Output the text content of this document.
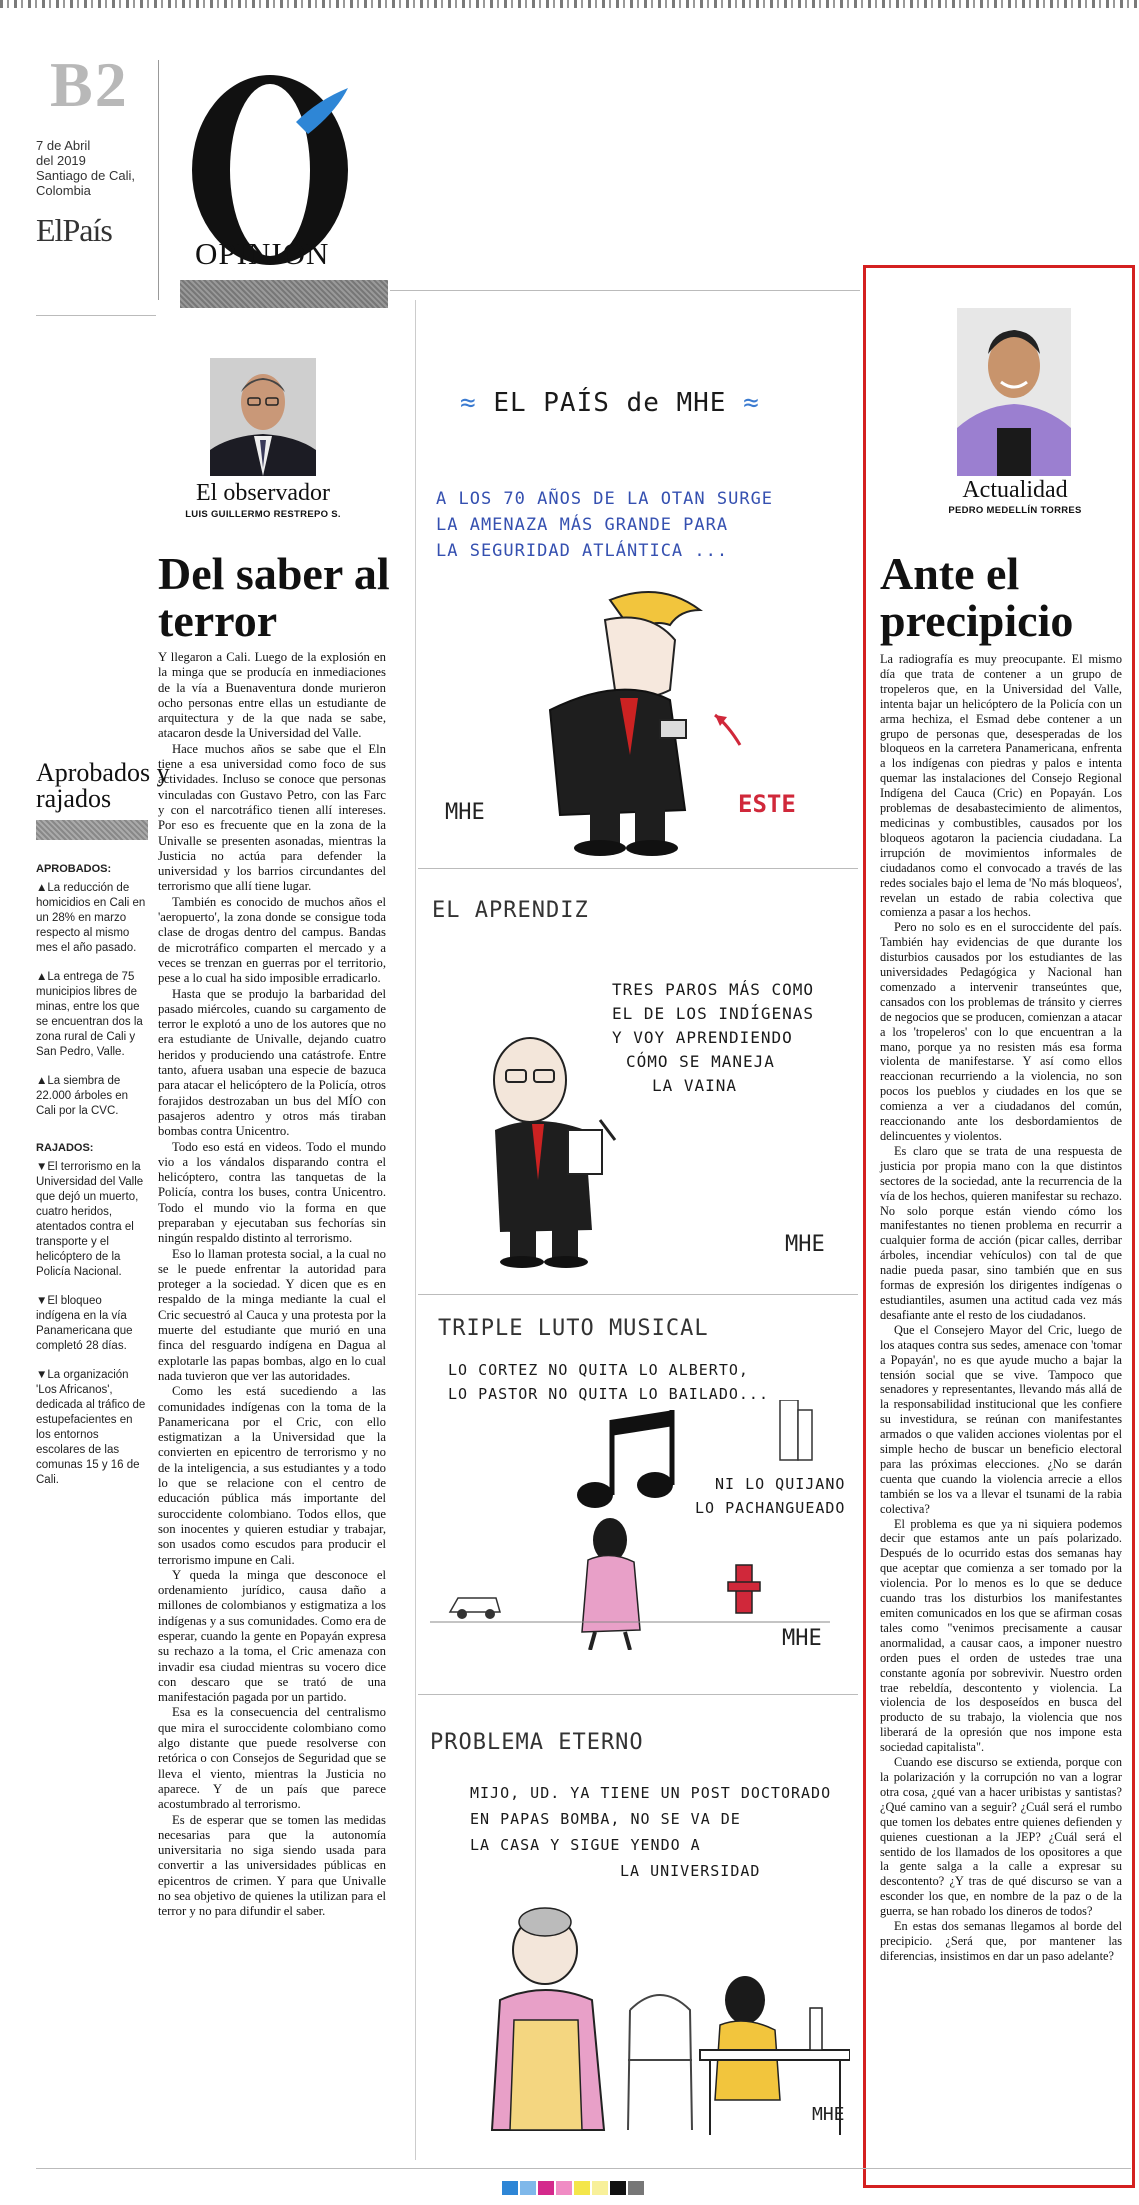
B2
7 de Abril
del 2019
Santiago de Cali,
Colombia
ElPaís
OPINIÓN
Aprobados y rajados

APROBADOS:

▲La reducción de homicidios en Cali en un 28% en marzo respecto al mismo mes el año pasado.

▲La entrega de 75 municipios libres de minas, entre los que se encuentran dos la zona rural de Cali y San Pedro, Valle.

▲La siembra de 22.000 árboles en Cali por la CVC.

RAJADOS:

▼El terrorismo en la Universidad del Valle que dejó un muerto, cuatro heridos, atentados contra el transporte y el helicóptero de la Policía Nacional.

▼El bloqueo indígena en la vía Panamericana que completó 28 días.

▼La organización 'Los Africanos', dedicada al tráfico de estupefacientes en los entornos escolares de las comunas 15 y 16 de Cali.

El observador
LUIS GUILLERMO RESTREPO S.
Del saber al terror

Y llegaron a Cali. Luego de la explosión en la minga que se producía en inmediaciones de la vía a Buenaventura donde murieron ocho personas entre ellas un estudiante de arquitectura y de la que nada se sabe, atacaron desde la Universidad del Valle.

Hace muchos años se sabe que el Eln tiene a esa universidad como foco de sus actividades. Incluso se conoce que personas vinculadas con Gustavo Petro, con las Farc y con el narcotráfico tienen allí intereses. Por eso es frecuente que en la zona de la Univalle se presenten asonadas, mientras la Justicia no actúa para defender la universidad y los barrios circundantes del terrorismo que allí tiene lugar.

También es conocido de muchos años el 'aeropuerto', la zona donde se consigue toda clase de drogas dentro del campus. Bandas de microtráfico comparten el mercado y a veces se trenzan en guerras por el territorio, pese a lo cual ha sido imposible erradicarlo.

Hasta que se produjo la barbaridad del pasado miércoles, cuando su cargamento de terror le explotó a uno de los autores que no era estudiante de Univalle, dejando cuatro heridos y produciendo una catástrofe. Entre tanto, afuera usaban una especie de bazuca para atacar el helicóptero de la Policía, otros forajidos destrozaban un bus del MÍO con pasajeros adentro y otros más tiraban bombas contra Unicentro.

Todo eso está en videos. Todo el mundo vio a los vándalos disparando contra el helicóptero, contra las tanquetas de la Policía, contra los buses, contra Unicentro. Todo el mundo vio la forma en que preparaban y ejecutaban sus fechorías sin ningún respaldo distinto al terrorismo.

Eso lo llaman protesta social, a la cual no se le puede enfrentar la autoridad para proteger a la sociedad. Y dicen que es en respaldo de la minga mediante la cual el Cric secuestró al Cauca y una protesta por la muerte del estudiante que murió en una finca del resguardo indígena en Dagua al explotarle las papas bombas, algo en lo cual nada tuvieron que ver las autoridades.

Como les está sucediendo a las comunidades indígenas con la toma de la Panamericana por el Cric, con ello estigmatizan a la Universidad que la convierten en epicentro de terrorismo y no de la inteligencia, a sus estudiantes y a todo lo que se relacione con el centro de educación pública más importante del suroccidente colombiano. Todos ellos, que son inocentes y quieren estudiar y trabajar, son usados como escudos para producir el terrorismo impune en Cali.

Y queda la minga que desconoce el ordenamiento jurídico, causa daño a millones de colombianos y estigmatiza a los indígenas y a sus comunidades. Como era de esperar, cuando la gente en Popayán expresa su rechazo a la toma, el Cric amenaza con invadir esa ciudad mientras su vocero dice con descaro que se trató de una manifestación pagada por un partido.

Esa es la consecuencia del centralismo que mira el suroccidente colombiano como algo distante que puede resolverse con retórica o con Consejos de Seguridad que se lleva el viento, mientras la Justicia no aparece. Y de un país que parece acostumbrado al terrorismo.

Es de esperar que se tomen las medidas necesarias para que la autonomía universitaria no siga siendo usada para convertir a las universidades públicas en epicentros de crimen. Y para que Univalle no sea objetivo de quienes la utilizan para el terror y no para difundir el saber.

≈ EL PAÍS de MHE ≈
A LOS 70 AÑOS DE LA OTAN SURGE
LA AMENAZA MÁS GRANDE PARA
LA SEGURIDAD ATLÁNTICA ...
MHE	ESTE
EL APRENDIZ
TRES PAROS MÁS COMO
EL DE LOS INDÍGENAS
Y VOY APRENDIENDO
CÓMO SE MANEJA
LA VAINA
MHE
TRIPLE LUTO MUSICAL
LO CORTEZ NO QUITA LO ALBERTO,
LO PASTOR NO QUITA LO BAILADO...
NI LO QUIJANO
LO PACHANGUEADO
MHE
PROBLEMA ETERNO
MIJO, UD. YA TIENE UN POST DOCTORADO
EN PAPAS BOMBA, NO SE VA DE
LA CASA Y SIGUE YENDO A
LA UNIVERSIDAD
MHE
Actualidad
PEDRO MEDELLÍN TORRES
Ante el precipicio

La radiografía es muy preocupante. El mismo día que trata de contener a un grupo de tropeleros que, en la Universidad del Valle, intenta bajar un helicóptero de la Policía con un arma hechiza, el Esmad debe contener a un grupo de personas que, desesperadas de los bloqueos en la carretera Panamericana, enfrenta a los indígenas con piedras y palos e intenta quemar las instalaciones del Consejo Regional Indígena del Cauca (Cric) en Popayán. Los problemas de desabastecimiento de alimentos, medicinas y combustibles, causados por los bloqueos agotaron la paciencia ciudadana. La irrupción de movimientos informales de ciudadanos como el convocado a través de las redes sociales bajo el lema de 'No más bloqueos', revelan un estado de rabia colectiva que comienza a pasar a los hechos.

Pero no solo es en el suroccidente del país. También hay evidencias de que durante los disturbios causados por los estudiantes de las universidades Pedagógica y Nacional han comenzado a intervenir transeúntes que, cansados con los problemas de tránsito y cierres de negocios que se producen, comienzan a atacar a los 'tropeleros' con lo que encuentran a la mano, porque ya no resisten más esa forma violenta de manifestarse. Y así como ellos reaccionan recurriendo a la violencia, no son pocos los pueblos y ciudades en los que se comienza a ver a ciudadanos del común, reaccionando ante los desbordamientos de delincuentes y violentos.

Es claro que se trata de una respuesta de justicia por propia mano con la que distintos sectores de la sociedad, ante la recurrencia de la vía de los hechos, quieren manifestar su rechazo. No solo porque están viendo cómo los manifestantes no tienen problema en recurrir a cualquier forma de acción (picar calles, derribar árboles, incendiar vehículos) con tal de que nadie pueda pasar, sino también que en sus formas de expresión los dirigentes indígenas o estudiantiles, asumen una actitud cada vez más desafiante ante el resto de los ciudadanos.

Que el Consejero Mayor del Cric, luego de los ataques contra sus sedes, amenace con 'tomar a Popayán', no es que ayude mucho a bajar la tensión social que se vive. Tampoco que senadores y representantes, llevando más allá de la responsabilidad institucional que les confiere su investidura, se reúnan con manifestantes armados o que validen acciones violentas por el simple hecho de buscar un beneficio electoral para las próximas elecciones. ¿No se darán cuenta que cuando la violencia arrecie a ellos también se los va a llevar el tsunami de la rabia colectiva?

El problema es que ya ni siquiera podemos decir que estamos ante un país polarizado. Después de lo ocurrido estas dos semanas hay que aceptar que comienza a ser tomado por la violencia. Por lo menos es lo que se deduce cuando tras los disturbios los manifestantes emiten comunicados en los que se afirman cosas tales como "venimos precisamente a causar anormalidad, a causar caos, a imponer nuestro orden pues el orden de ustedes trae una constante agonía por sobrevivir. Nuestro orden trae rebeldía, descontento y violencia. La violencia de los desposeídos en busca del producto de su trabajo, la violencia que nos liberará de la opresión que nos impone esta sociedad capitalista".

Cuando ese discurso se extienda, porque con la polarización y la corrupción no van a lograr otra cosa, ¿qué van a hacer uribistas y santistas? ¿Qué camino van a seguir? ¿Cuál será el rumbo que tomen los debates entre quienes defienden y quienes cuestionan a la JEP? ¿Cuál será el sentido de los llamados de los opositores a que la gente salga a la calle a expresar su descontento? ¿Y tras de qué discurso se van a esconder los que, en nombre de la paz o de la guerra, se han robado los dineros de todos?

En estas dos semanas llegamos al borde del precipicio. ¿Será que, por mantener las diferencias, insistimos en dar un paso adelante?
